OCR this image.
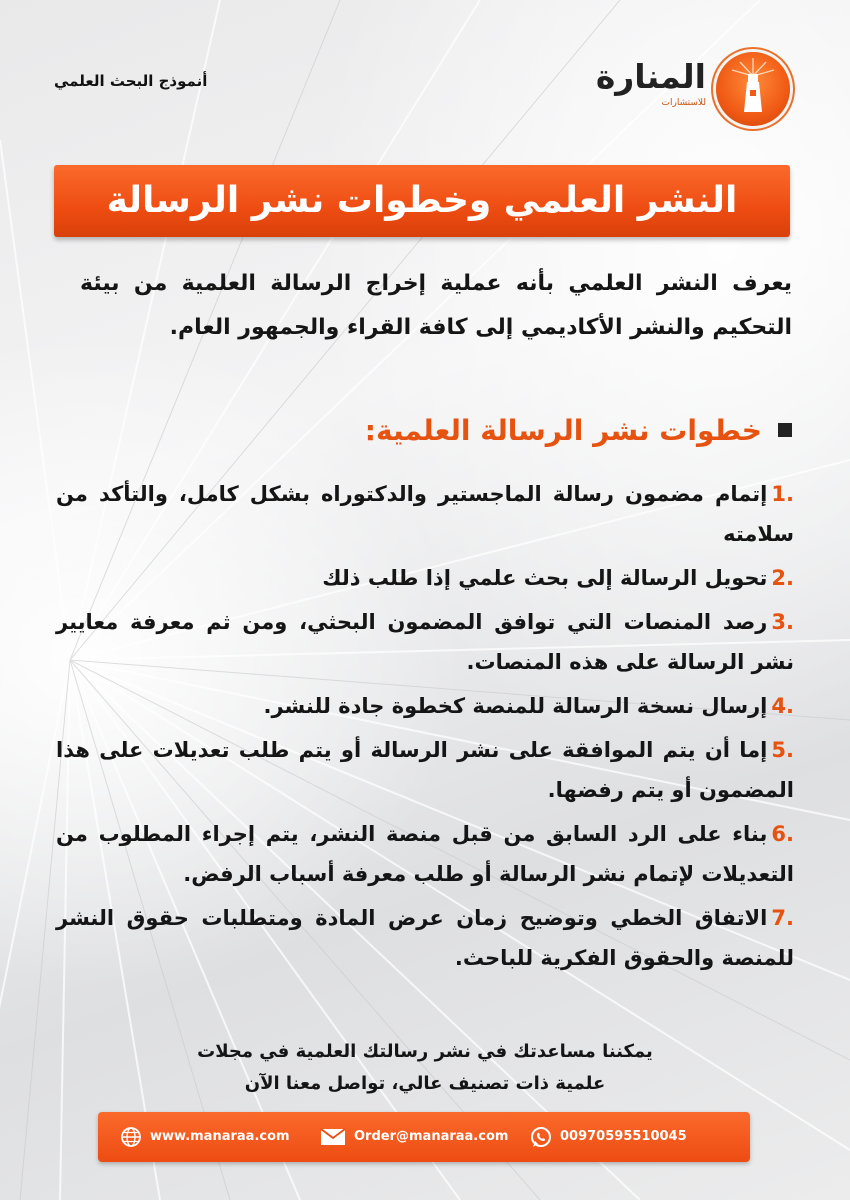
أنموذج البحث العلمي	المنارة
للاستشارات
النشر العلمي وخطوات نشر الرسالة
يعرف النشر العلمي بأنه عملية إخراج الرسالة العلمية من بيئة التحكيم والنشر الأكاديمي إلى كافة القراء والجمهور العام.
خطوات نشر الرسالة العلمية:
.1إتمام مضمون رسالة الماجستير والدكتوراه بشكل كامل، والتأكد من سلامته
.2تحويل الرسالة إلى بحث علمي إذا طلب ذلك
.3رصد المنصات التي توافق المضمون البحثي، ومن ثم معرفة معايير نشر الرسالة على هذه المنصات.
.4إرسال نسخة الرسالة للمنصة كخطوة جادة للنشر.
.5إما أن يتم الموافقة على نشر الرسالة أو يتم طلب تعديلات على هذا المضمون أو يتم رفضها.
.6بناء على الرد السابق من قبل منصة النشر، يتم إجراء المطلوب من التعديلات لإتمام نشر الرسالة أو طلب معرفة أسباب الرفض.
.7الاتفاق الخطي وتوضيح زمان عرض المادة ومتطلبات حقوق النشر للمنصة والحقوق الفكرية للباحث.
يمكننا مساعدتك في نشر رسالتك العلمية في مجلات
علمية ذات تصنيف عالي، تواصل معنا الآن
www.manaraa.com	Order@manaraa.com	00970595510045
